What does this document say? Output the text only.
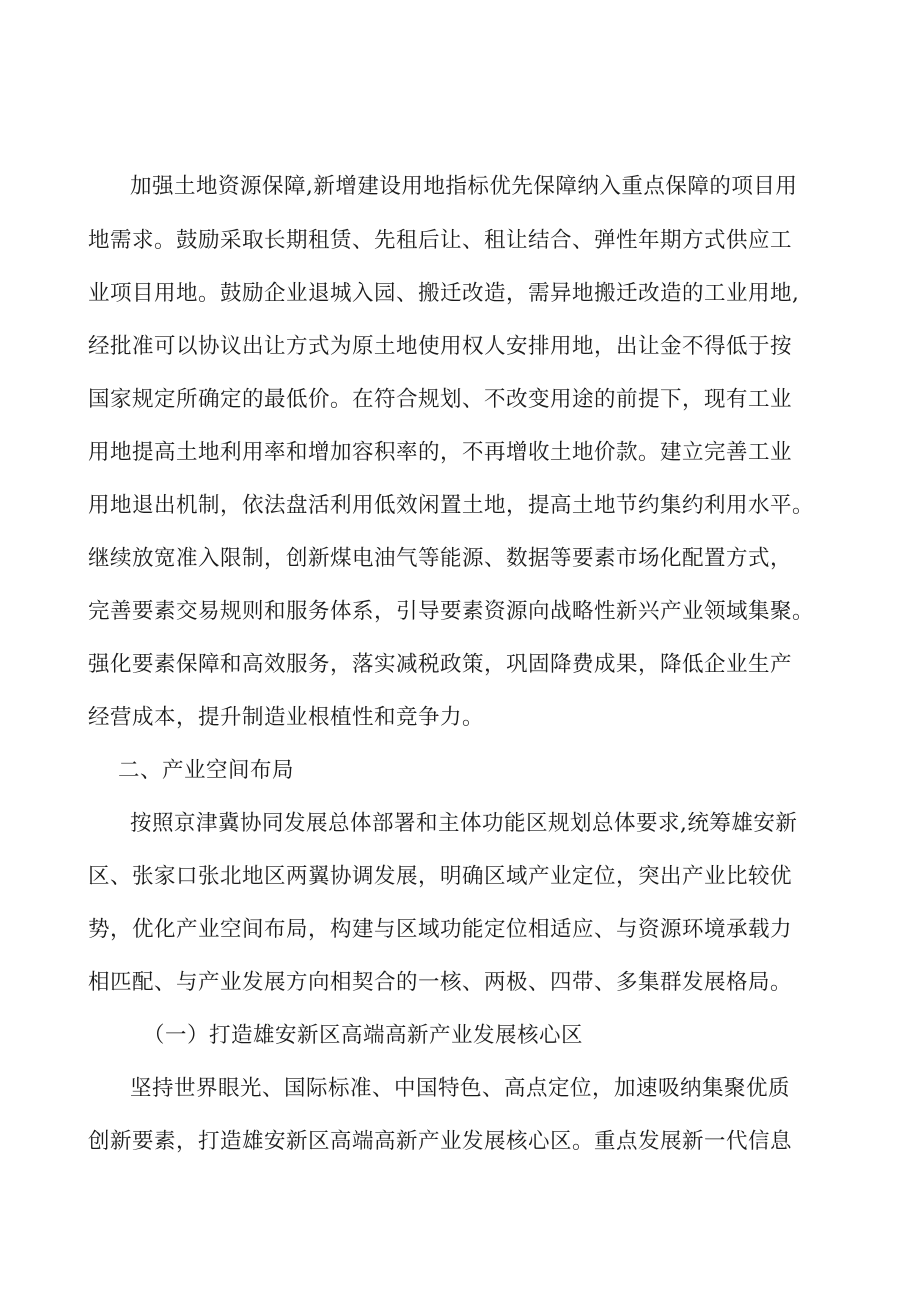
加强土地资源保障,新增建设用地指标优先保障纳入重点保障的项目用
地需求。鼓励采取长期租赁、先租后让、租让结合、弹性年期方式供应工
业项目用地。鼓励企业退城入园、搬迁改造，需异地搬迁改造的工业用地,
经批准可以协议出让方式为原土地使用权人安排用地，出让金不得低于按
国家规定所确定的最低价。在符合规划、不改变用途的前提下，现有工业
用地提高土地利用率和增加容积率的，不再增收土地价款。建立完善工业
用地退出机制，依法盘活利用低效闲置土地，提高土地节约集约利用水平。
继续放宽准入限制，创新煤电油气等能源、数据等要素市场化配置方式，
完善要素交易规则和服务体系，引导要素资源向战略性新兴产业领域集聚。
强化要素保障和高效服务，落实减税政策，巩固降费成果，降低企业生产
经营成本，提升制造业根植性和竞争力。
二、产业空间布局
按照京津冀协同发展总体部署和主体功能区规划总体要求,统筹雄安新
区、张家口张北地区两翼协调发展，明确区域产业定位，突出产业比较优
势，优化产业空间布局，构建与区域功能定位相适应、与资源环境承载力
相匹配、与产业发展方向相契合的一核、两极、四带、多集群发展格局。
（一）打造雄安新区高端高新产业发展核心区
坚持世界眼光、国际标准、中国特色、高点定位，加速吸纳集聚优质
创新要素，打造雄安新区高端高新产业发展核心区。重点发展新一代信息
